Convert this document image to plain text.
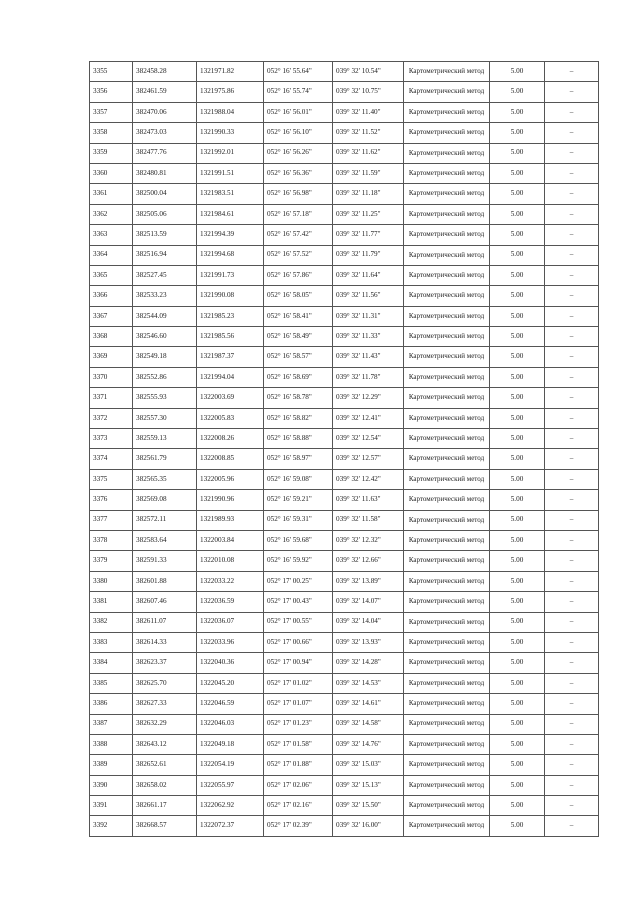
3355	382458.28	1321971.82	052° 16' 55.64"	039° 32' 10.54"	Картометрический метод	5.00	–
3356	382461.59	1321975.86	052° 16' 55.74"	039° 32' 10.75"	Картометрический метод	5.00	–
3357	382470.06	1321988.04	052° 16' 56.01"	039° 32' 11.40"	Картометрический метод	5.00	–
3358	382473.03	1321990.33	052° 16' 56.10"	039° 32' 11.52"	Картометрический метод	5.00	–
3359	382477.76	1321992.01	052° 16' 56.26"	039° 32' 11.62"	Картометрический метод	5.00	–
3360	382480.81	1321991.51	052° 16' 56.36"	039° 32' 11.59"	Картометрический метод	5.00	–
3361	382500.04	1321983.51	052° 16' 56.98"	039° 32' 11.18"	Картометрический метод	5.00	–
3362	382505.06	1321984.61	052° 16' 57.18"	039° 32' 11.25"	Картометрический метод	5.00	–
3363	382513.59	1321994.39	052° 16' 57.42"	039° 32' 11.77"	Картометрический метод	5.00	–
3364	382516.94	1321994.68	052° 16' 57.52"	039° 32' 11.79"	Картометрический метод	5.00	–
3365	382527.45	1321991.73	052° 16' 57.86"	039° 32' 11.64"	Картометрический метод	5.00	–
3366	382533.23	1321990.08	052° 16' 58.05"	039° 32' 11.56"	Картометрический метод	5.00	–
3367	382544.09	1321985.23	052° 16' 58.41"	039° 32' 11.31"	Картометрический метод	5.00	–
3368	382546.60	1321985.56	052° 16' 58.49"	039° 32' 11.33"	Картометрический метод	5.00	–
3369	382549.18	1321987.37	052° 16' 58.57"	039° 32' 11.43"	Картометрический метод	5.00	–
3370	382552.86	1321994.04	052° 16' 58.69"	039° 32' 11.78"	Картометрический метод	5.00	–
3371	382555.93	1322003.69	052° 16' 58.78"	039° 32' 12.29"	Картометрический метод	5.00	–
3372	382557.30	1322005.83	052° 16' 58.82"	039° 32' 12.41"	Картометрический метод	5.00	–
3373	382559.13	1322008.26	052° 16' 58.88"	039° 32' 12.54"	Картометрический метод	5.00	–
3374	382561.79	1322008.85	052° 16' 58.97"	039° 32' 12.57"	Картометрический метод	5.00	–
3375	382565.35	1322005.96	052° 16' 59.08"	039° 32' 12.42"	Картометрический метод	5.00	–
3376	382569.08	1321990.96	052° 16' 59.21"	039° 32' 11.63"	Картометрический метод	5.00	–
3377	382572.11	1321989.93	052° 16' 59.31"	039° 32' 11.58"	Картометрический метод	5.00	–
3378	382583.64	1322003.84	052° 16' 59.68"	039° 32' 12.32"	Картометрический метод	5.00	–
3379	382591.33	1322010.08	052° 16' 59.92"	039° 32' 12.66"	Картометрический метод	5.00	–
3380	382601.88	1322033.22	052° 17' 00.25"	039° 32' 13.89"	Картометрический метод	5.00	–
3381	382607.46	1322036.59	052° 17' 00.43"	039° 32' 14.07"	Картометрический метод	5.00	–
3382	382611.07	1322036.07	052° 17' 00.55"	039° 32' 14.04"	Картометрический метод	5.00	–
3383	382614.33	1322033.96	052° 17' 00.66"	039° 32' 13.93"	Картометрический метод	5.00	–
3384	382623.37	1322040.36	052° 17' 00.94"	039° 32' 14.28"	Картометрический метод	5.00	–
3385	382625.70	1322045.20	052° 17' 01.02"	039° 32' 14.53"	Картометрический метод	5.00	–
3386	382627.33	1322046.59	052° 17' 01.07"	039° 32' 14.61"	Картометрический метод	5.00	–
3387	382632.29	1322046.03	052° 17' 01.23"	039° 32' 14.58"	Картометрический метод	5.00	–
3388	382643.12	1322049.18	052° 17' 01.58"	039° 32' 14.76"	Картометрический метод	5.00	–
3389	382652.61	1322054.19	052° 17' 01.88"	039° 32' 15.03"	Картометрический метод	5.00	–
3390	382658.02	1322055.97	052° 17' 02.06"	039° 32' 15.13"	Картометрический метод	5.00	–
3391	382661.17	1322062.92	052° 17' 02.16"	039° 32' 15.50"	Картометрический метод	5.00	–
3392	382668.57	1322072.37	052° 17' 02.39"	039° 32' 16.00"	Картометрический метод	5.00	–
